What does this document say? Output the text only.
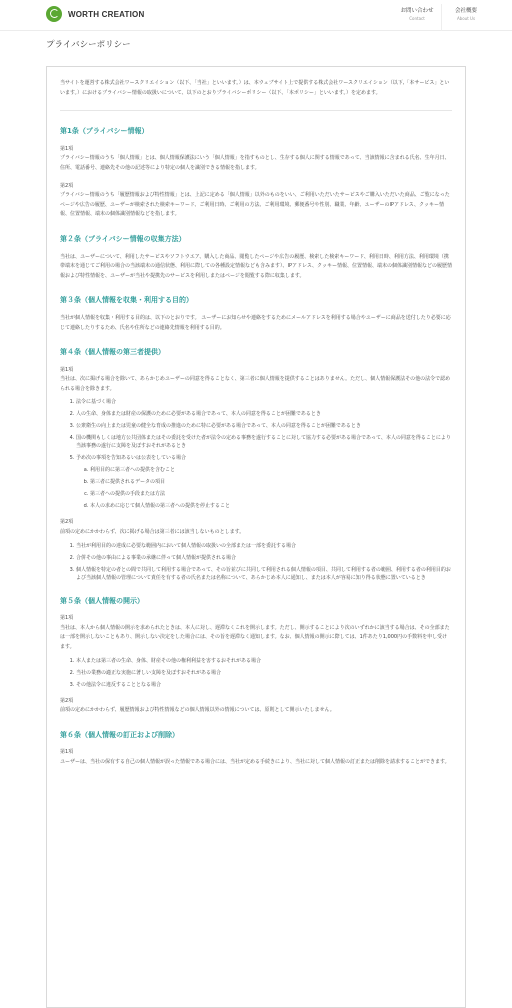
WORTH CREATION	お問い合わせ
Contact
会社概要
About Us
プライバシーポリシー

当サイトを運営する株式会社ワースクリエイション（以下、「当社」といいます。）は、本ウェブサイト上で提供する株式会社ワースクリエイション（以下,「本サービス」といいます。）におけるプライバシー情報の取扱いについて、以下のとおりプライバシーポリシー（以下、「本ポリシー」といいます。）を定めます。

第1条（プライバシー情報）

第1項

プライバシー情報のうち「個人情報」とは、個人情報保護法にいう「個人情報」を指すものとし、生存する個人に関する情報であって、当該情報に含まれる氏名、生年月日、住所、電話番号、連絡先その他の記述等により特定の個人を識別できる情報を指します。

第2項

プライバシー情報のうち「履歴情報および特性情報」とは、上記に定める「個人情報」以外のものをいい、ご利用いただいたサービスやご購入いただいた商品、ご覧になったページや広告の履歴、ユーザーが検索された検索キーワード、ご利用日時、ご利用の方法、ご利用環境、郵便番号や性別、職業、年齢、ユーザーのIPアドレス、クッキー情報、位置情報、端末の個体識別情報などを指します。

第２条（プライバシー情報の収集方法）

当社は、ユーザーについて、利用したサービスやソフトウエア、購入した商品、閲覧したページや広告の履歴、検索した検索キーワード、利用日時、利用方法、利用環境（携帯端末を通じてご利用の場合の当該端末の通信状態、利用に際しての各種設定情報なども含みます）、IPアドレス、クッキー情報、位置情報、端末の個体識別情報などの履歴情報および特性情報を、ユーザーが当社や提携先のサービスを利用しまたはページを閲覧する際に収集します。

第３条（個人情報を収集・利用する目的）

当社が個人情報を収集・利用する目的は、以下のとおりです。 ユーザーにお知らせや連絡をするためにメールアドレスを利用する場合やユーザーに商品を送付したり必要に応じて連絡したりするため、氏名や住所などの連絡先情報を利用する目的。

第４条（個人情報の第三者提供）

第1項

当社は、次に掲げる場合を除いて、あらかじめユーザーの同意を得ることなく、第三者に個人情報を提供することはありません。ただし、個人情報保護法その他の法令で認められる場合を除きます。

1. 法令に基づく場合
2. 人の生命、身体または財産の保護のために必要がある場合であって、本人の同意を得ることが困難であるとき
3. 公衆衛生の向上または児童の健全な育成の推進のために特に必要がある場合であって、本人の同意を得ることが困難であるとき
4. 国の機関もしくは地方公共団体またはその委託を受けた者が法令の定める事務を遂行することに対して協力する必要がある場合であって、本人の同意を得ることにより当該事務の遂行に支障を及ぼすおそれがあるとき
5. 予め次の事項を告知あるいは公表をしている場合
a. 利用目的に第三者への提供を含むこと
b. 第三者に提供されるデータの項目
c. 第三者への提供の手段または方法
d. 本人の求めに応じて個人情報の第三者への提供を停止すること

第2項

前項の定めにかかわらず、次に掲げる場合は第三者には該当しないものとします。

1. 当社が利用目的の達成に必要な範囲内において個人情報の取扱いの全部または一部を委託する場合
2. 合併その他の事由による事業の承継に伴って個人情報が提供される場合
3. 個人情報を特定の者との間で共同して利用する場合であって、その旨並びに共同して利用される個人情報の項目、共同して利用する者の範囲、利用する者の利用目的および当該個人情報の管理について責任を有する者の氏名または名称について、あらかじめ本人に通知し、または本人が容易に知り得る状態に置いているとき
第５条（個人情報の開示）

第1項

当社は、本人から個人情報の開示を求められたときは、本人に対し、遅滞なくこれを開示します。ただし、開示することにより次のいずれかに該当する場合は、その全部または一部を開示しないこともあり、開示しない決定をした場合には、その旨を遅滞なく通知します。なお、個人情報の開示に際しては、1件あたり1,000円の手数料を申し受けます。

1. 本人または第三者の生命、身体、財産その他の権利利益を害するおそれがある場合
2. 当社の業務の適正な実施に著しい支障を及ぼすおそれがある場合
3. その他法令に違反することとなる場合

第2項

前項の定めにかかわらず、履歴情報および特性情報などの個人情報以外の情報については、原則として開示いたしません。

第６条（個人情報の訂正および削除）

第1項

ユーザーは、当社の保有する自己の個人情報が誤った情報である場合には、当社が定める手続きにより、当社に対して個人情報の訂正または削除を請求することができます。
